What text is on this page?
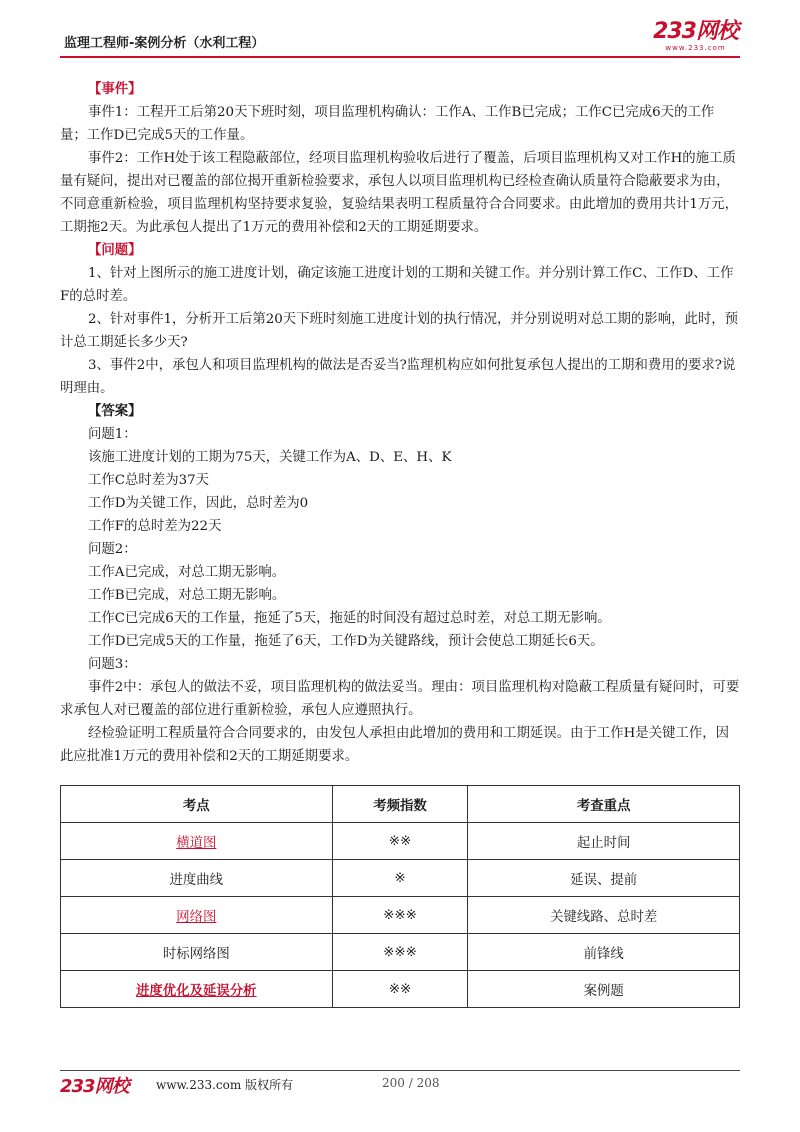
监理工程师-案例分析（水利工程）	233网校
www.233.com

【事件】

事件1：工程开工后第20天下班时刻，项目监理机构确认：工作A、工作B已完成；工作C已完成6天的工作量；工作D已完成5天的工作量。

事件2：工作H处于该工程隐蔽部位，经项目监理机构验收后进行了覆盖，后项目监理机构又对工作H的施工质量有疑问，提出对已覆盖的部位揭开重新检验要求，承包人以项目监理机构已经检查确认质量符合隐蔽要求为由，不同意重新检验，项目监理机构坚持要求复验，复验结果表明工程质量符合合同要求。由此增加的费用共计1万元，工期拖2天。为此承包人提出了1万元的费用补偿和2天的工期延期要求。

【问题】

1、针对上图所示的施工进度计划，确定该施工进度计划的工期和关键工作。并分别计算工作C、工作D、工作F的总时差。

2、针对事件1，分析开工后第20天下班时刻施工进度计划的执行情况，并分别说明对总工期的影响，此时，预计总工期延长多少天?

3、事件2中，承包人和项目监理机构的做法是否妥当?监理机构应如何批复承包人提出的工期和费用的要求?说明理由。

【答案】

问题1：

该施工进度计划的工期为75天，关键工作为A、D、E、H、K

工作C总时差为37天

工作D为关键工作，因此，总时差为0

工作F的总时差为22天

问题2：

工作A已完成，对总工期无影响。

工作B已完成，对总工期无影响。

工作C已完成6天的工作量，拖延了5天，拖延的时间没有超过总时差，对总工期无影响。

工作D已完成5天的工作量，拖延了6天，工作D为关键路线，预计会使总工期延长6天。

问题3：

事件2中：承包人的做法不妥，项目监理机构的做法妥当。理由：项目监理机构对隐蔽工程质量有疑问时，可要求承包人对已覆盖的部位进行重新检验，承包人应遵照执行。

经检验证明工程质量符合合同要求的，由发包人承担由此增加的费用和工期延误。由于工作H是关键工作，因此应批准1万元的费用补偿和2天的工期延期要求。

考点	考频指数	考查重点
横道图	※※	起止时间
进度曲线	※	延误、提前
网络图	※※※	关键线路、总时差
时标网络图	※※※	前锋线
进度优化及延误分析	※※	案例题
233网校 www.233.com 版权所有	200 / 208
